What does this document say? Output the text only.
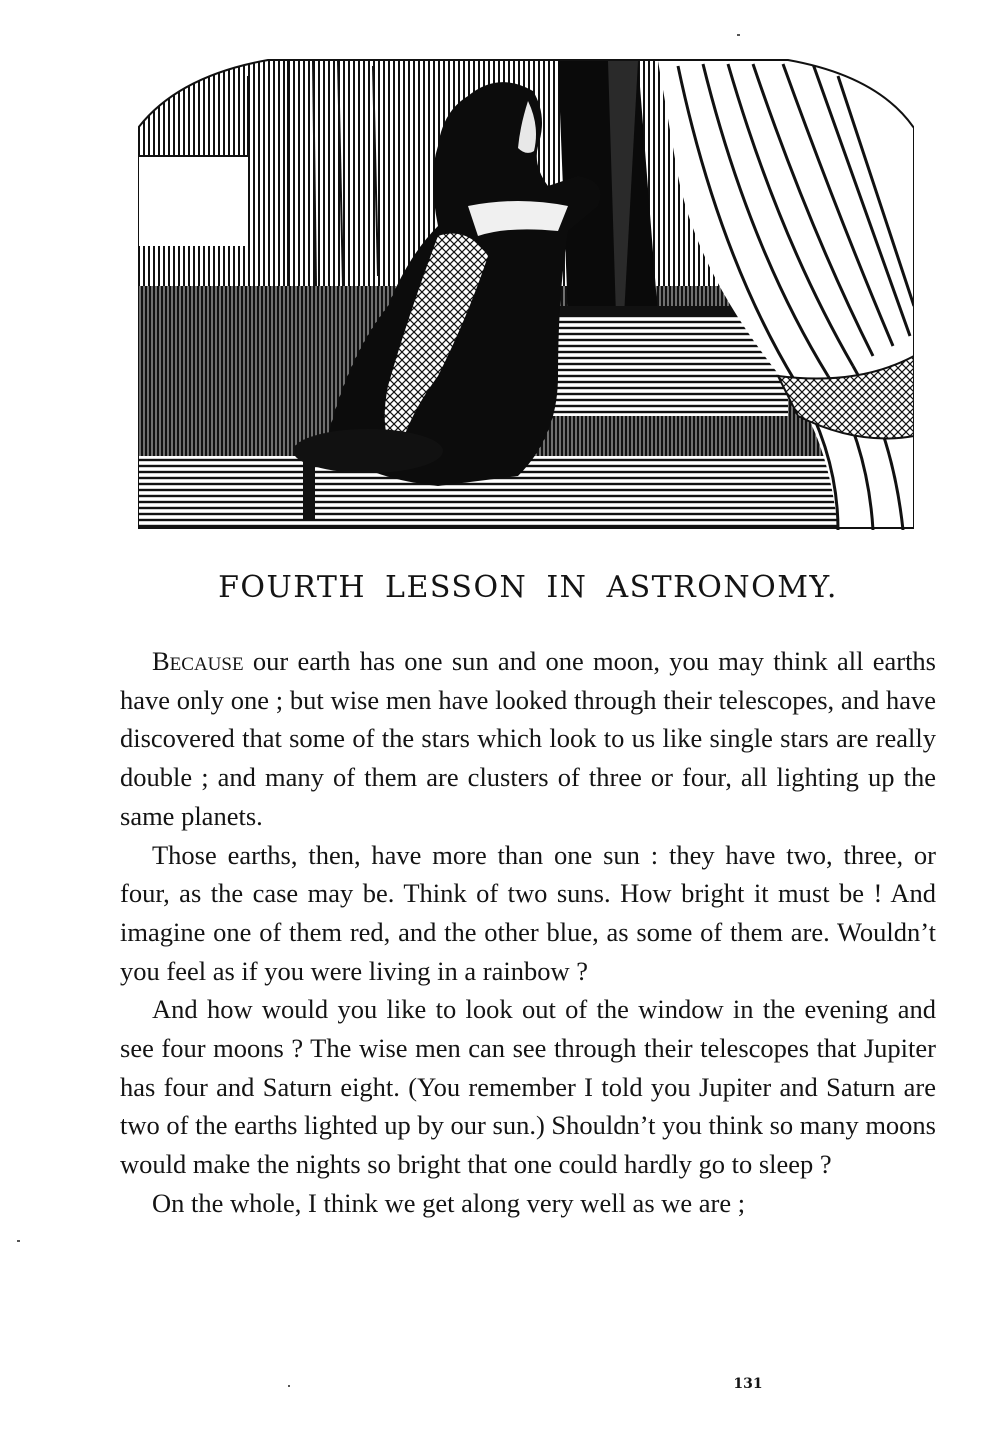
FOURTH LESSON IN ASTRONOMY.

Because our earth has one sun and one moon, you may think all earths have only one ; but wise men have looked through their telescopes, and have discovered that some of the stars which look to us like single stars are really double ; and many of them are clusters of three or four, all lighting up the same planets.

Those earths, then, have more than one sun : they have two, three, or four, as the case may be. Think of two suns. How bright it must be ! And imagine one of them red, and the other blue, as some of them are. Wouldn’t you feel as if you were living in a rainbow ?

And how would you like to look out of the window in the evening and see four moons ? The wise men can see through their telescopes that Jupiter has four and Saturn eight. (You remember I told you Jupiter and Saturn are two of the earths lighted up by our sun.) Shouldn’t you think so many moons would make the nights so bright that one could hardly go to sleep ?

On the whole, I think we get along very well as we are ;

131
